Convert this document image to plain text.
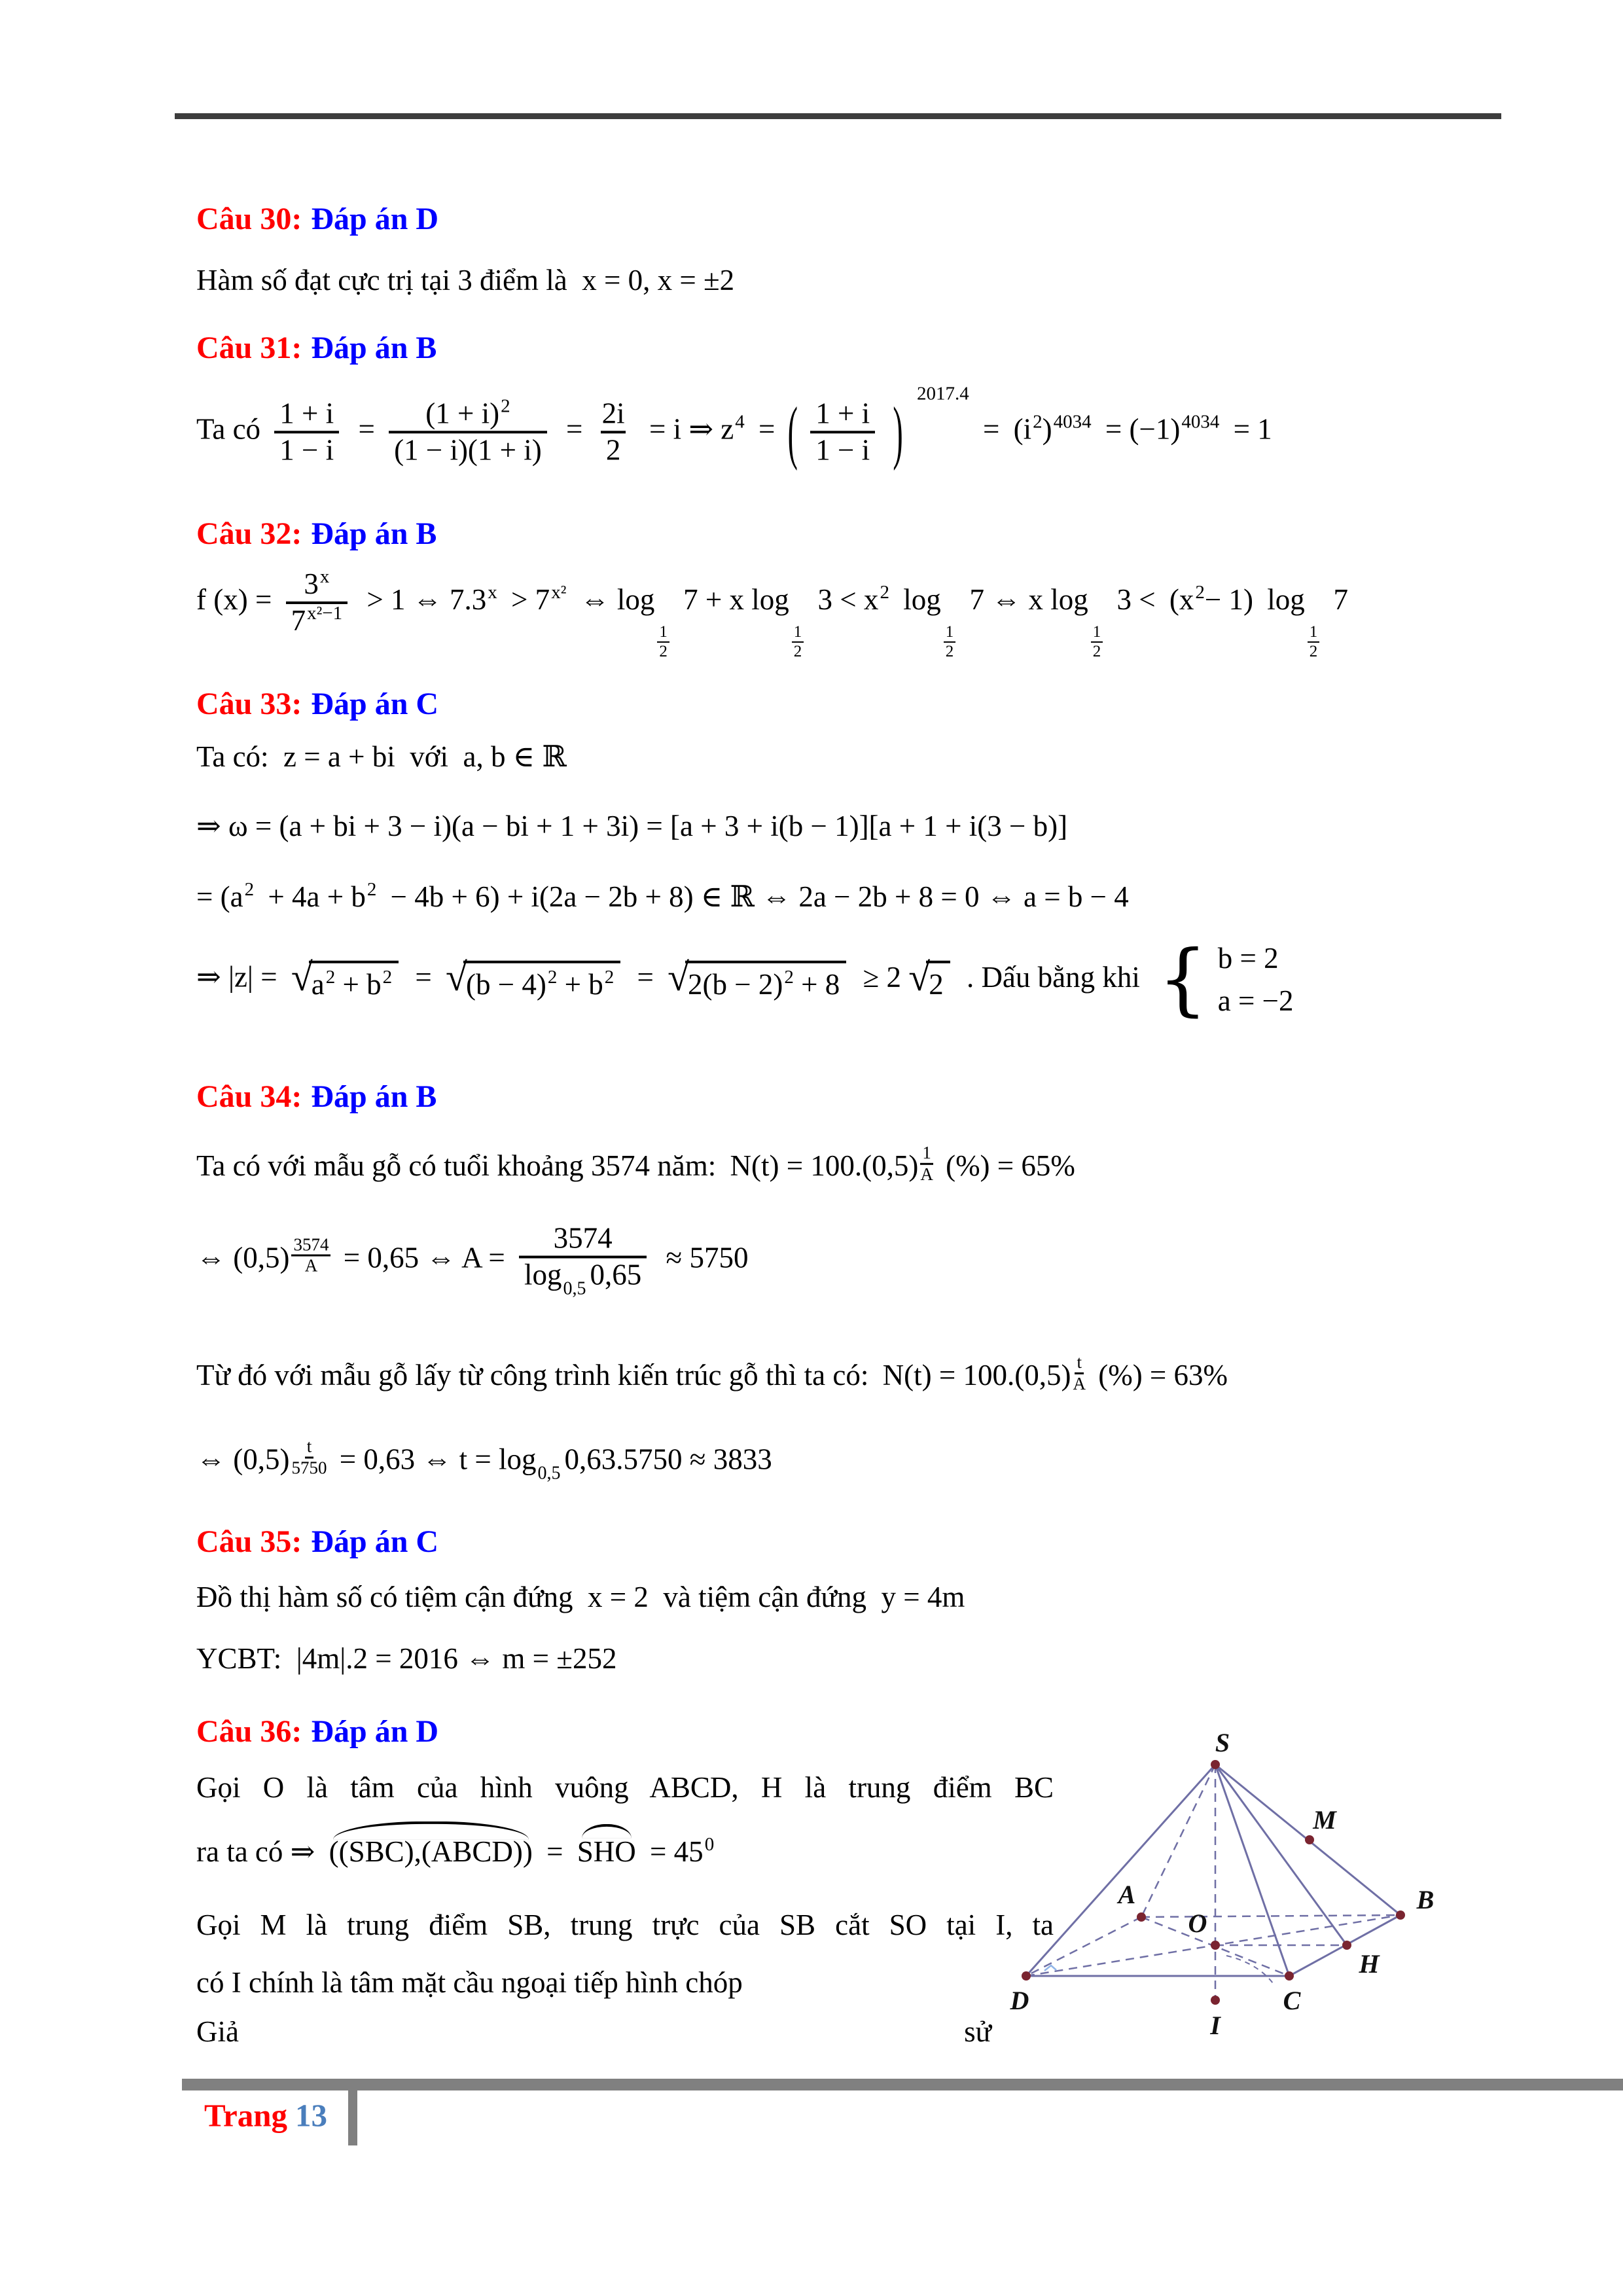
Câu 30: Đáp án D
Hàm số đạt cực trị tại 3 điểm là  x = 0, x = ±2
Câu 31: Đáp án B
Ta có $\frac{1 + i}{1 - i} = \frac{(1 + i)^2}{(1 - i)(1 + i)} = \frac{2i}{2} = i$ ⇒ $z^4$ = ( $\frac{1 + i}{1 - i}$ ) $^{2017.4} = (i^2)^{4034} = (-1)^{4034} = 1$
Câu 32: Đáp án B
f $(x) = \frac{3^x}{7^{x^2-1}} > 1$ ⇔ $7.3^x > 7^{x^2}$ ⇔ log
$\frac{1}{2}$
7 + x log
$\frac{1}{2}$
$3 < x^2$ log
$\frac{1}{2}$
7 ⇔ x log
$\frac{1}{2}$
$3 < (x^2- 1)$ log
$\frac{1}{2}$
7
Câu 33: Đáp án C
Ta có:  z = a + bi  với  a, b ∈ ℝ
⇒ ω = (a + bi + 3 − i)(a − bi + 1 + 3i) = [a + 3 + i(b − 1)][a + 1 + i(3 − b)]
= $(a^2 + 4a + b^2 - 4b + 6) + i(2a - 2b + 8)$ ∈ ℝ ⇔ 2a − 2b + 8 = 0 ⇔ a = b − 4
⇒ |z| = √
$a^2 + b^2$ = √
$(b - 4)^2 + b^2$ = √
$2(b - 2)^2 + 8 \ge 2$ √
2 . Dấu bằng khi { b = 2
a = −2
Câu 34: Đáp án B
Ta có với mẫu gỗ có tuổi khoảng 3574 năm: $N(t) = 100.(0,5) \frac{1}{A}$ (%) = 65%
⇔ $(0,5) \frac{3574}{A} = 0,65$ ⇔ $A = \frac{3574}{\log_{0,5} 0,65} \approx 5750$
Từ đó với mẫu gỗ lấy từ công trình kiến trúc gỗ thì ta có: $N(t) = 100.(0,5) \frac{t}{A}$ (%) = 63%
⇔ $(0,5) \frac{t}{5750} = 0,63$ ⇔ $t = \log_{0,5} 0,63.5750 \approx 3833$
Câu 35: Đáp án C
Đồ thị hàm số có tiệm cận đứng  x = 2  và tiệm cận đứng  y = 4m
YCBT:  |4m|.2 = 2016 ⇔ m = ±252
Câu 36: Đáp án D
Gọi O là tâm của hình vuông ABCD, H là trung điểm BC
ra ta có ⇒ ((SBC),(ABCD)) = SHO = $45^0$
Gọi M là trung điểm SB, trung trực của SB cắt SO tại I, ta
có I chính là tâm mặt cầu ngoại tiếp hình chóp
Giả	sử
S
M
A	B
O
H
D	C
I
Trang 13
